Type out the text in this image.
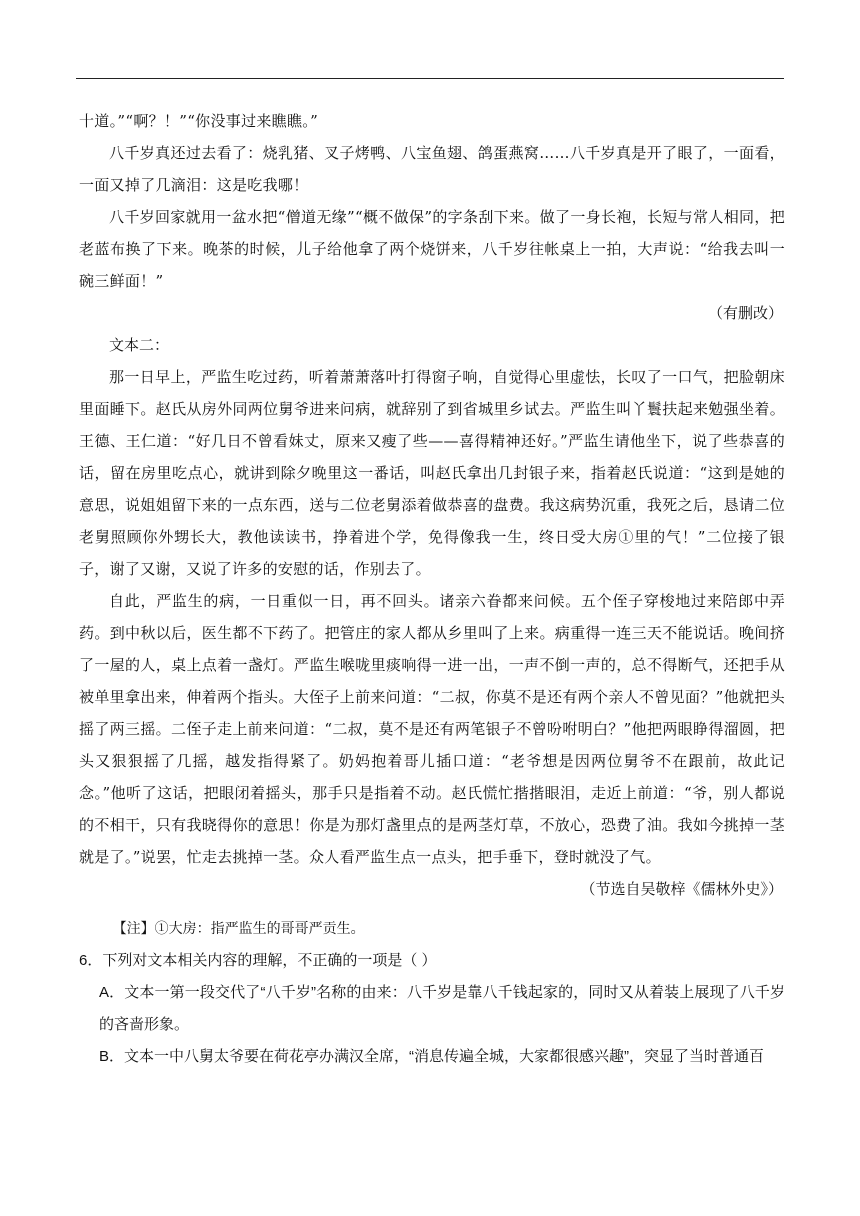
十道。”“啊？！”“你没事过来瞧瞧。”

八千岁真还过去看了：烧乳猪、叉子烤鸭、八宝鱼翅、鸽蛋燕窝……八千岁真是开了眼了，一面看，一面又掉了几滴泪：这是吃我哪！

八千岁回家就用一盆水把“僧道无缘”“概不做保”的字条刮下来。做了一身长袍，长短与常人相同，把老蓝布换了下来。晚茶的时候，儿子给他拿了两个烧饼来，八千岁往帐桌上一拍，大声说：“给我去叫一碗三鲜面！”

（有删改）

文本二：

那一日早上，严监生吃过药，听着萧萧落叶打得窗子响，自觉得心里虚怯，长叹了一口气，把脸朝床里面睡下。赵氏从房外同两位舅爷进来问病，就辞别了到省城里乡试去。严监生叫丫鬟扶起来勉强坐着。王德、王仁道：“好几日不曾看妹丈，原来又瘦了些——喜得精神还好。”严监生请他坐下，说了些恭喜的话，留在房里吃点心，就讲到除夕晚里这一番话，叫赵氏拿出几封银子来，指着赵氏说道：“这到是她的意思，说姐姐留下来的一点东西，送与二位老舅添着做恭喜的盘费。我这病势沉重，我死之后，恳请二位老舅照顾你外甥长大，教他读读书，挣着进个学，免得像我一生，终日受大房①里的气！”二位接了银子，谢了又谢，又说了许多的安慰的话，作别去了。

自此，严监生的病，一日重似一日，再不回头。诸亲六眷都来问候。五个侄子穿梭地过来陪郎中弄药。到中秋以后，医生都不下药了。把管庄的家人都从乡里叫了上来。病重得一连三天不能说话。晚间挤了一屋的人，桌上点着一盏灯。严监生喉咙里痰响得一进一出，一声不倒一声的，总不得断气，还把手从被单里拿出来，伸着两个指头。大侄子上前来问道：“二叔，你莫不是还有两个亲人不曾见面？”他就把头摇了两三摇。二侄子走上前来问道：“二叔，莫不是还有两笔银子不曾吩咐明白？”他把两眼睁得溜圆，把头又狠狠摇了几摇，越发指得紧了。奶妈抱着哥儿插口道：“老爷想是因两位舅爷不在跟前，故此记念。”他听了这话，把眼闭着摇头，那手只是指着不动。赵氏慌忙揩揩眼泪，走近上前道：“爷，别人都说的不相干，只有我晓得你的意思！你是为那灯盏里点的是两茎灯草，不放心，恐费了油。我如今挑掉一茎就是了。”说罢，忙走去挑掉一茎。众人看严监生点一点头，把手垂下，登时就没了气。

（节选自吴敬梓《儒林外史》）

【注】①大房：指严监生的哥哥严贡生。

6．下列对文本相关内容的理解，不正确的一项是（ ）

A．文本一第一段交代了“八千岁”名称的由来：八千岁是靠八千钱起家的，同时又从着装上展现了八千岁的吝啬形象。

B．文本一中八舅太爷要在荷花亭办满汉全席，“消息传遍全城，大家都很感兴趣”，突显了当时普通百
